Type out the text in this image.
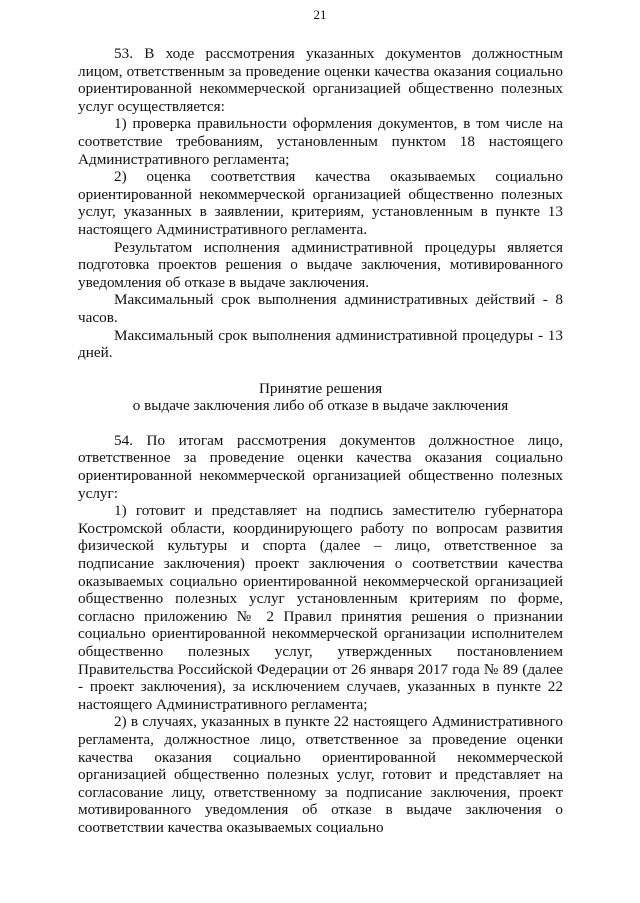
21

53. В ходе рассмотрения указанных документов должностным лицом, ответственным за проведение оценки качества оказания социально ориентированной некоммерческой организацией общественно полезных услуг осуществляется:

1) проверка правильности оформления документов, в том числе на соответствие требованиям, установленным пунктом 18 настоящего Административного регламента;

2) оценка соответствия качества оказываемых социально ориентированной некоммерческой организацией общественно полезных услуг, указанных в заявлении, критериям, установленным в пункте 13 настоящего Административного регламента.

Результатом исполнения административной процедуры является подготовка проектов решения о выдаче заключения, мотивированного уведомления об отказе в выдаче заключения.

Максимальный срок выполнения административных действий - 8 часов.

Максимальный срок выполнения административной процедуры - 13 дней.

Принятие решения

о выдаче заключения либо об отказе в выдаче заключения

54. По итогам рассмотрения документов должностное лицо, ответственное за проведение оценки качества оказания социально ориентированной некоммерческой организацией общественно полезных услуг:

1) готовит и представляет на подпись заместителю губернатора Костромской области, координирующего работу по вопросам развития физической культуры и спорта (далее – лицо, ответственное за подписание заключения) проект заключения о соответствии качества оказываемых социально ориентированной некоммерческой организацией общественно полезных услуг установленным критериям по форме, согласно приложению № 2 Правил принятия решения о признании социально ориентированной некоммерческой организации исполнителем общественно полезных услуг, утвержденных постановлением Правительства Российской Федерации от 26 января 2017 года № 89 (далее - проект заключения), за исключением случаев, указанных в пункте 22 настоящего Административного регламента;

2) в случаях, указанных в пункте 22 настоящего Административного регламента, должностное лицо, ответственное за проведение оценки качества оказания социально ориентированной некоммерческой организацией общественно полезных услуг, готовит и представляет на согласование лицу, ответственному за подписание заключения, проект мотивированного уведомления об отказе в выдаче заключения о соответствии качества оказываемых социально
